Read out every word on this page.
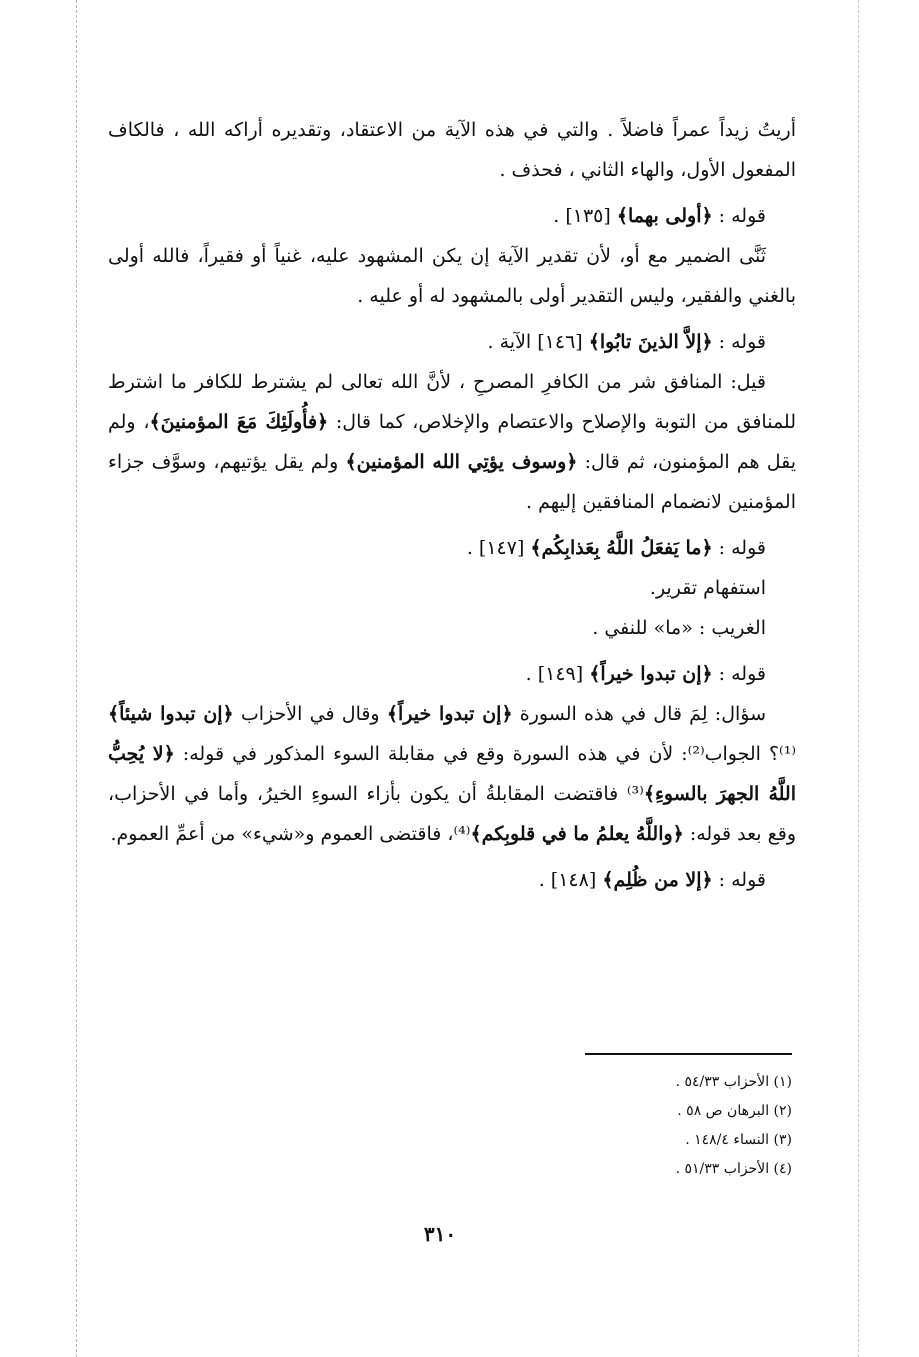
أريتُ زيداً عمراً فاضلاً . والتي في هذه الآية من الاعتقاد، وتقديره أراكه الله ، فالكاف المفعول الأول، والهاء الثاني ، فحذف .

قوله : ﴿أولى بهما﴾ [١٣٥] .

ثَنَّى الضمير مع أو، لأن تقدير الآية إن يكن المشهود عليه، غنياً أو فقيراً، فالله أولى بالغني والفقير، وليس التقدير أولى بالمشهود له أو عليه .

قوله : ﴿إلاَّ الذينَ تابُوا﴾ [١٤٦] الآية .

قيل: المنافق شر من الكافرِ المصرحِ ، لأنَّ الله تعالى لم يشترط للكافر ما اشترط للمنافق من التوبة والإصلاح والاعتصام والإخلاص، كما قال: ﴿فأُولَئِكَ مَعَ المؤمنينَ﴾، ولم يقل هم المؤمنون، ثم قال: ﴿وسوف يؤتِي الله المؤمنين﴾ ولم يقل يؤتيهم، وسوَّف جزاء المؤمنين لانضمام المنافقين إليهم .

قوله : ﴿ما يَفعَلُ اللَّهُ بِعَذابِكُم﴾ [١٤٧] .

استفهام تقرير.

الغريب : «ما» للنفي .

قوله : ﴿إن تبدوا خيراً﴾ [١٤٩] .

سؤال: لِمَ قال في هذه السورة ﴿إن تبدوا خيراً﴾ وقال في الأحزاب ﴿إن تبدوا شيئاً﴾⁽¹⁾؟ الجواب⁽²⁾: لأن في هذه السورة وقع في مقابلة السوء المذكور في قوله: ﴿لا يُحِبُّ اللَّهُ الجهرَ بالسوءِ﴾⁽³⁾ فاقتضت المقابلةُ أن يكون بأزاء السوءِ الخيرُ، وأما في الأحزاب، وقع بعد قوله: ﴿واللَّهُ يعلمُ ما في قلوبِكم﴾⁽⁴⁾، فاقتضى العموم و«شيء» من أعمِّ العموم.

قوله : ﴿إلا من ظُلِم﴾ [١٤٨] .

(١) الأحزاب ٥٤/٣٣ .
(٢) البرهان ص ٥٨ .
(٣) النساء ١٤٨/٤ .
(٤) الأحزاب ٥١/٣٣ .
٣١٠
